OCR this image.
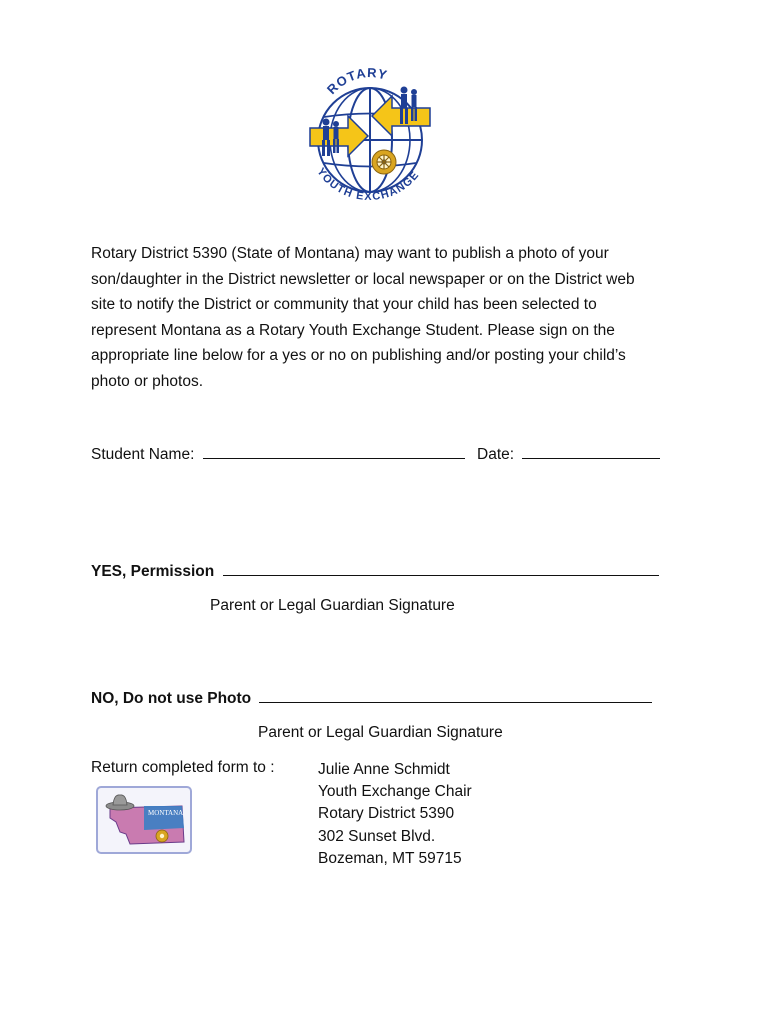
ROTARY
YOUTH EXCHANGE
Rotary District 5390 (State of Montana) may want to publish a photo of your
son/daughter in the District newsletter or local newspaper or on the District web
site to notify the District or community that your child has been selected to
represent Montana as a Rotary Youth Exchange Student. Please sign on the
appropriate line below for a yes or no on publishing and/or posting your child’s
photo or photos.
Student Name:	Date:
YES, Permission
Parent or Legal Guardian Signature
NO, Do not use Photo
Parent or Legal Guardian Signature
Return completed form to :	Julie Anne Schmidt
Youth Exchange Chair
Rotary District 5390
302 Sunset Blvd.
Bozeman, MT 59715
MONTANA
